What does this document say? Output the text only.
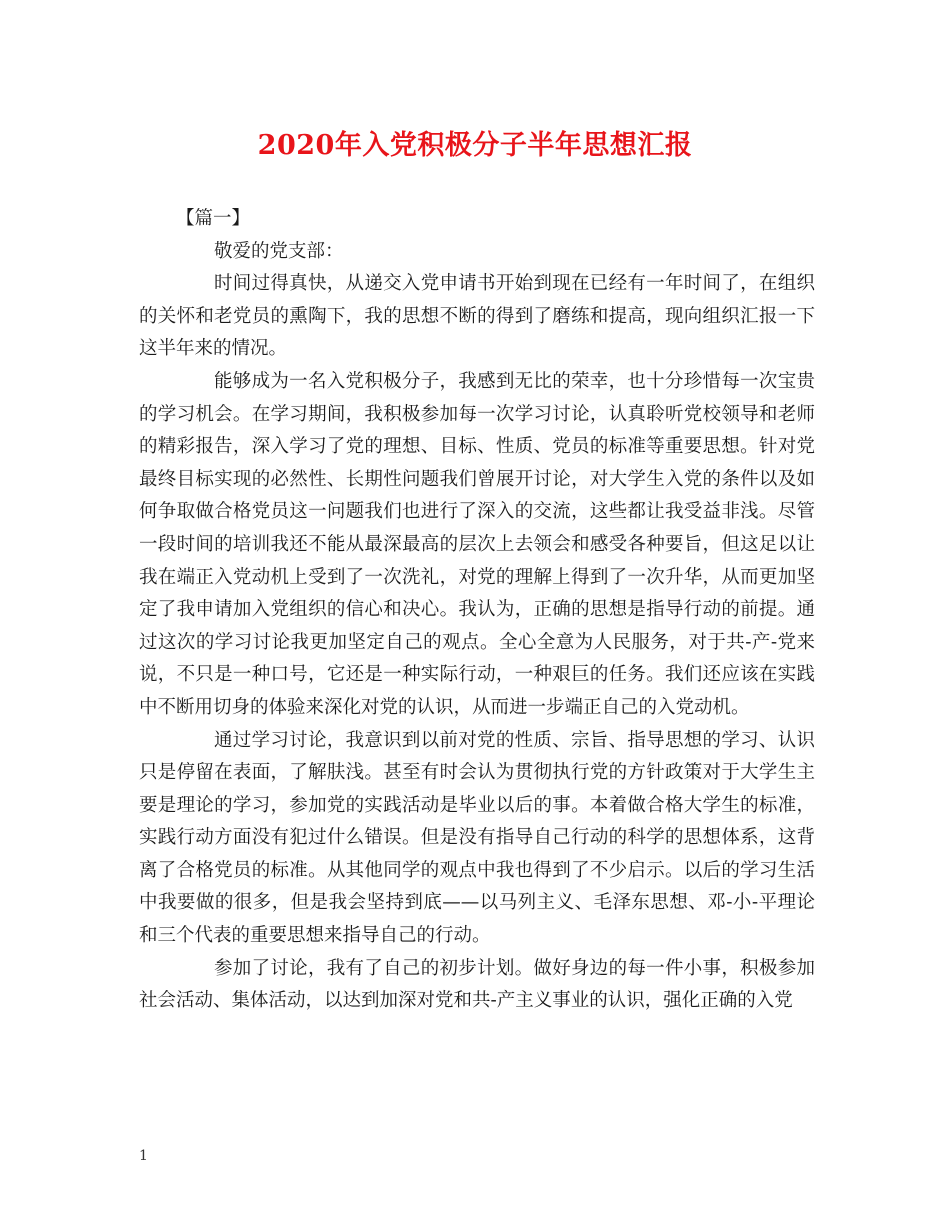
2020年入党积极分子半年思想汇报

【篇一】

敬爱的党支部：

时间过得真快，从递交入党申请书开始到现在已经有一年时间了，在组织的关怀和老党员的熏陶下，我的思想不断的得到了磨练和提高，现向组织汇报一下这半年来的情况。

能够成为一名入党积极分子，我感到无比的荣幸，也十分珍惜每一次宝贵的学习机会。在学习期间，我积极参加每一次学习讨论，认真聆听党校领导和老师的精彩报告，深入学习了党的理想、目标、性质、党员的标准等重要思想。针对党最终目标实现的必然性、长期性问题我们曾展开讨论，对大学生入党的条件以及如何争取做合格党员这一问题我们也进行了深入的交流，这些都让我受益非浅。尽管一段时间的培训我还不能从最深最高的层次上去领会和感受各种要旨，但这足以让我在端正入党动机上受到了一次洗礼，对党的理解上得到了一次升华，从而更加坚定了我申请加入党组织的信心和决心。我认为，正确的思想是指导行动的前提。通过这次的学习讨论我更加坚定自己的观点。全心全意为人民服务，对于共-产-党来说，不只是一种口号，它还是一种实际行动，一种艰巨的任务。我们还应该在实践中不断用切身的体验来深化对党的认识，从而进一步端正自己的入党动机。

通过学习讨论，我意识到以前对党的性质、宗旨、指导思想的学习、认识只是停留在表面，了解肤浅。甚至有时会认为贯彻执行党的方针政策对于大学生主要是理论的学习，参加党的实践活动是毕业以后的事。本着做合格大学生的标准，实践行动方面没有犯过什么错误。但是没有指导自己行动的科学的思想体系，这背离了合格党员的标准。从其他同学的观点中我也得到了不少启示。以后的学习生活中我要做的很多，但是我会坚持到底——以马列主义、毛泽东思想、邓-小-平理论和三个代表的重要思想来指导自己的行动。

参加了讨论，我有了自己的初步计划。做好身边的每一件小事，积极参加社会活动、集体活动，以达到加深对党和共-产主义事业的认识，强化正确的入党

1
